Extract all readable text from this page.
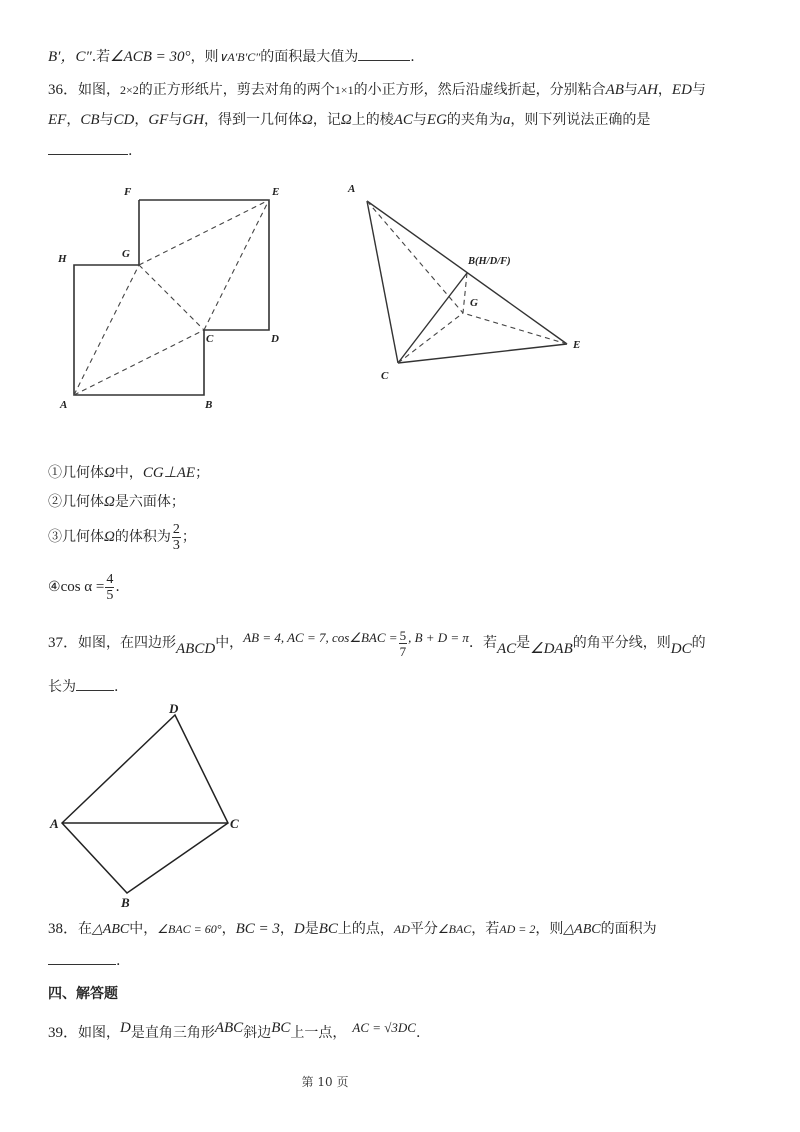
B′，C″.若∠ACB = 30°，则∨A′B′C″的面积最大值为	.
36．如图，2×2的正方形纸片，剪去对角的两个1×1的小正方形，然后沿虚线折起，分别粘合AB与AH，ED与
EF，CB与CD，GF与GH，得到一几何体Ω，记Ω上的棱AC与EG的夹角为a，则下列说法正确的是
.
F	E
H	G
C	D
A	B
A
B(H/D/F)
G
E
C
①几何体Ω中，CG⊥AE；
②几何体Ω是六面体；
③几何体Ω的体积为 $\frac{2}{3}$ ；
④cos $\alpha = \frac{4}{5}$ .
37．如图，在四边形ABCD中，AB = 4, AC = 7, cos∠BAC = $\frac{5}{7}$ , B + D = π．若AC是∠DAB的角平分线，则DC的
长为	.
D
A	C
B
38．在△ABC中，∠BAC = 60°，BC = 3，D是BC上的点，AD平分∠BAC，若AD = 2，则△ABC的面积为
.
四、解答题
39．如图，D是直角三角形ABC斜边BC上一点， AC = √3DC.
第 10 页
